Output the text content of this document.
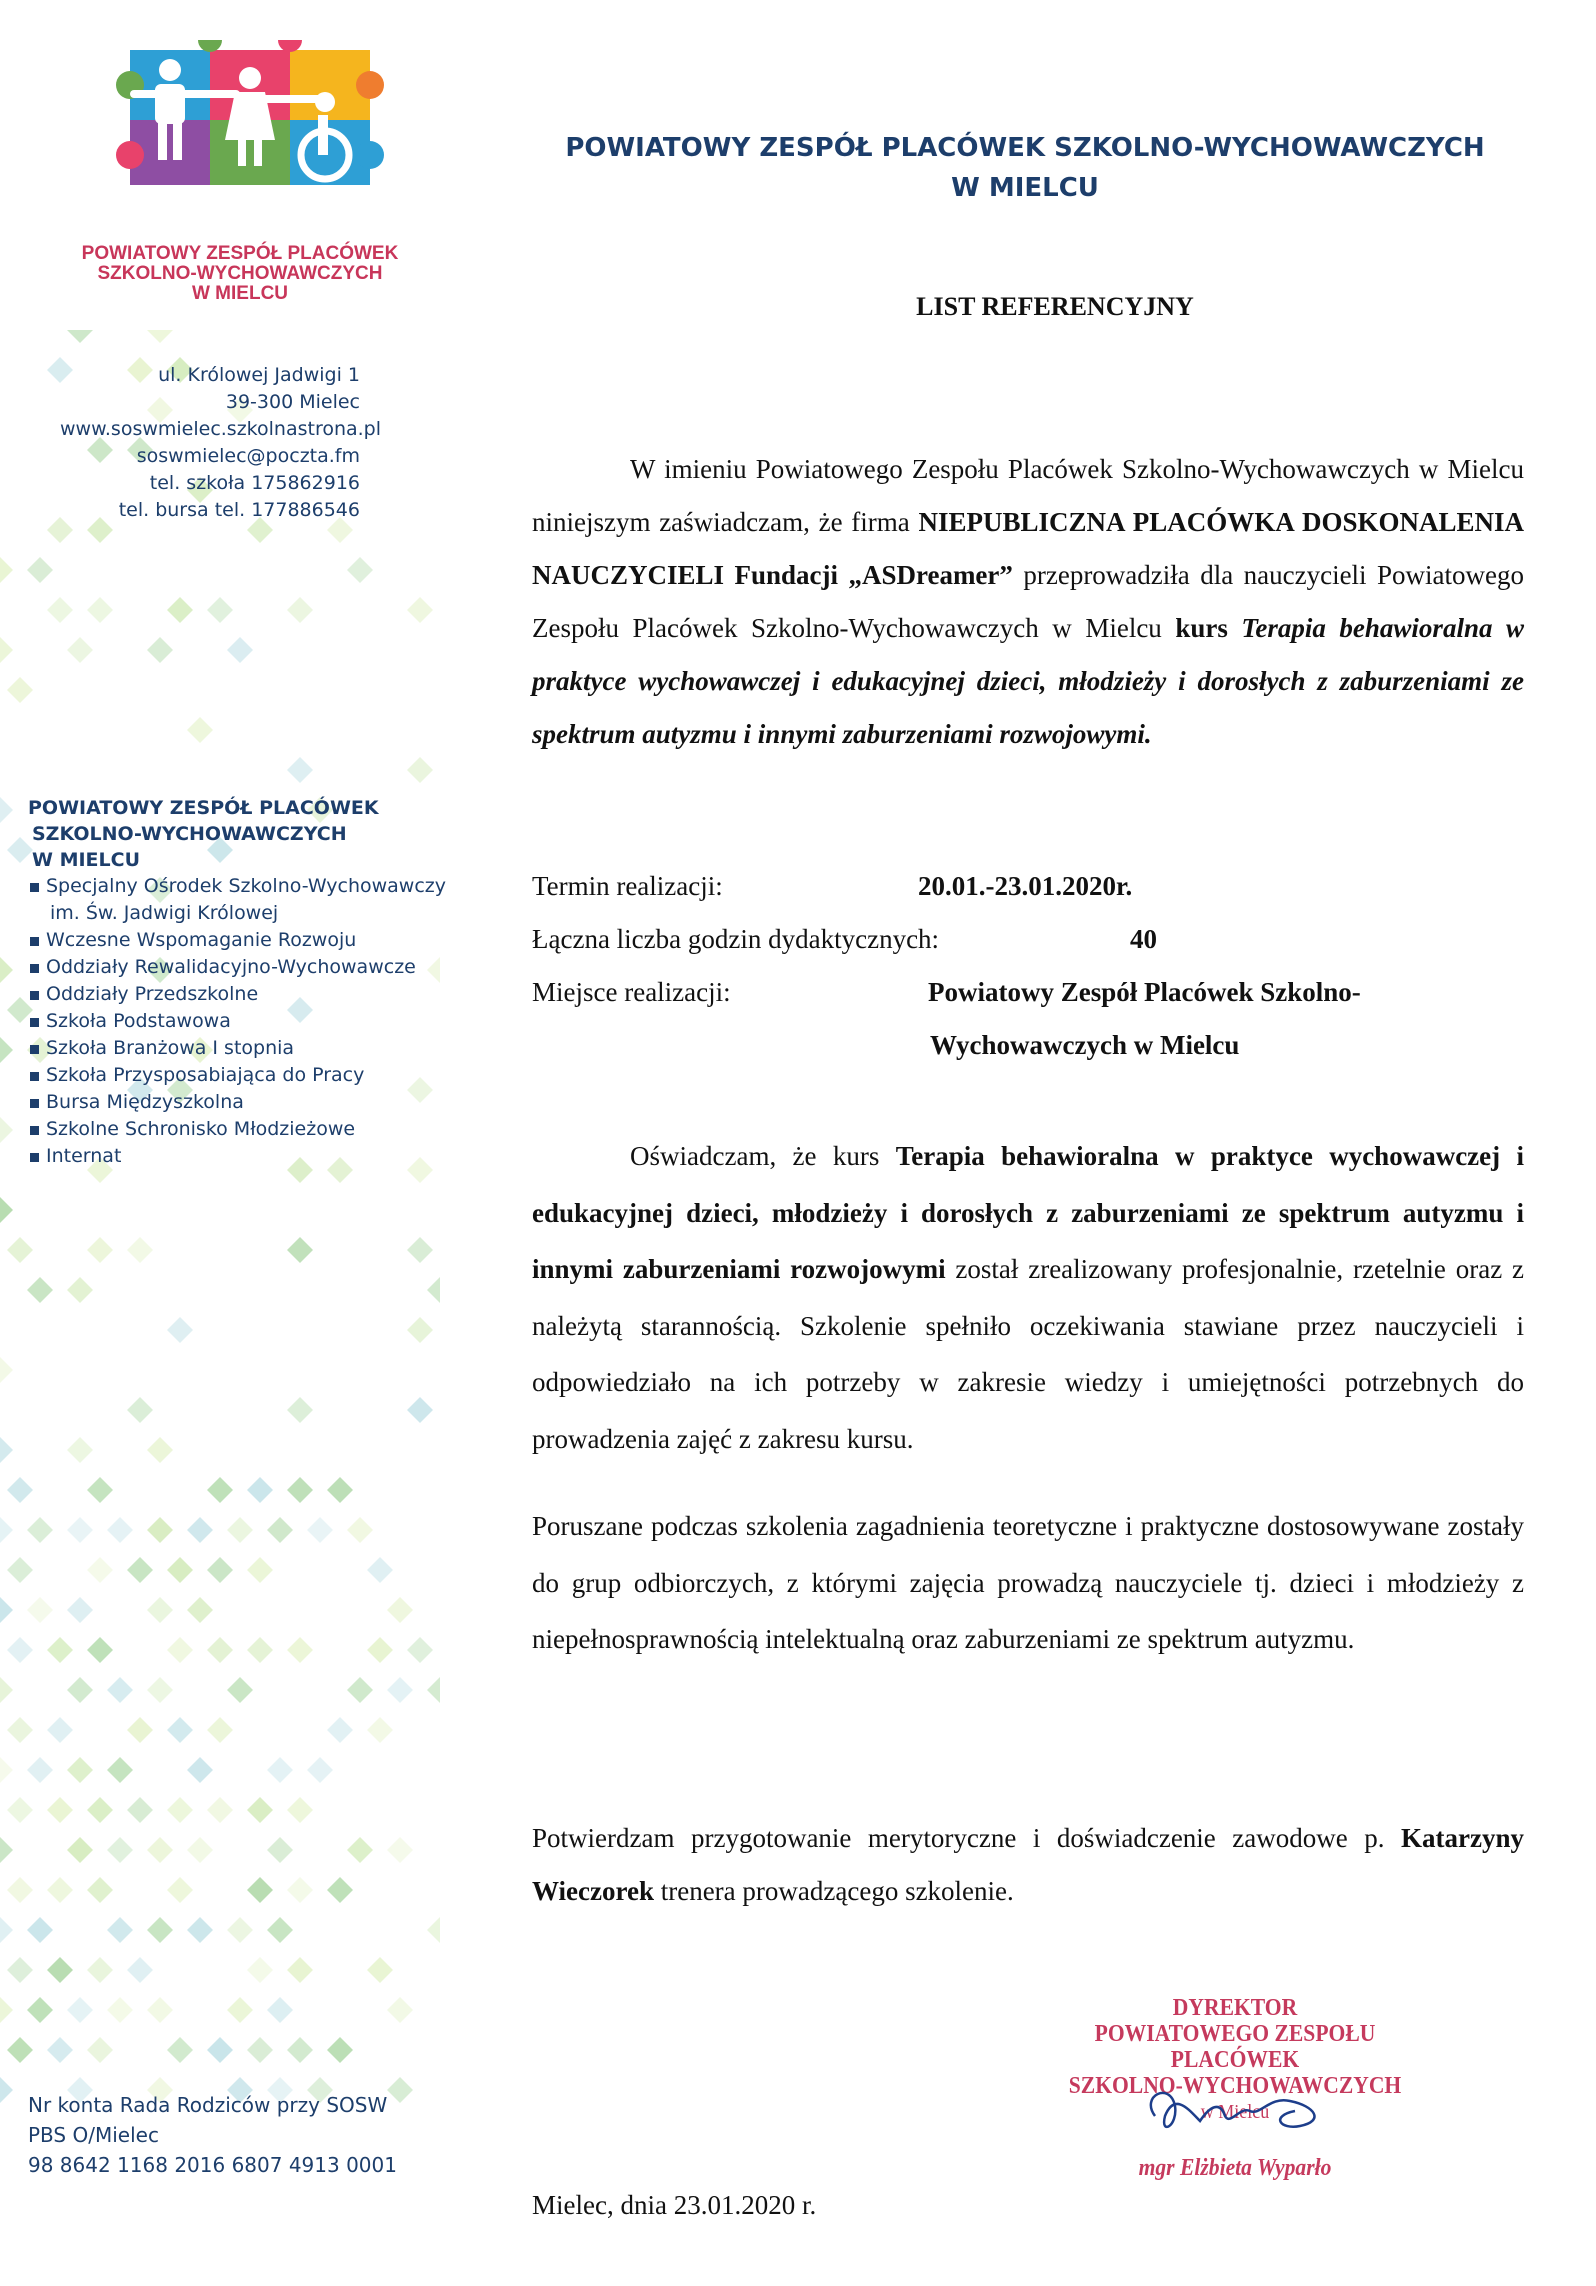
POWIATOWY ZESPÓŁ PLACÓWEK
SZKOLNO-WYCHOWAWCZYCH
W MIELCU
ul. Królowej Jadwigi 1
39-300 Mielec
www.soswmielec.szkolnastrona.pl
soswmielec@poczta.fm
tel. szkoła 175862916
tel. bursa tel. 177886546
POWIATOWY ZESPÓŁ PLACÓWEK
SZKOLNO-WYCHOWAWCZYCH
W MIELCU
Specjalny Ośrodek Szkolno-Wychowawczy
im. Św. Jadwigi Królowej
Wczesne Wspomaganie Rozwoju
Oddziały Rewalidacyjno-Wychowawcze
Oddziały Przedszkolne
Szkoła Podstawowa
Szkoła Branżowa I stopnia
Szkoła Przysposabiająca do Pracy
Bursa Międzyszkolna
Szkolne Schronisko Młodzieżowe
Internat
Nr konta Rada Rodziców przy SOSW
PBS O/Mielec
98 8642 1168 2016 6807 4913 0001
POWIATOWY ZESPÓŁ PLACÓWEK SZKOLNO-WYCHOWAWCZYCH
W MIELCU
LIST REFERENCYJNY
W imieniu Powiatowego Zespołu Placówek Szkolno-Wychowawczych w Mielcu niniejszym zaświadczam, że firma NIEPUBLICZNA PLACÓWKA DOSKONALENIA NAUCZYCIELI Fundacji „ASDreamer” przeprowadziła dla nauczycieli Powiatowego Zespołu Placówek Szkolno-Wychowawczych w Mielcu kurs Terapia behawioralna w praktyce wychowawczej i edukacyjnej dzieci, młodzieży i dorosłych z zaburzeniami ze spektrum autyzmu i innymi zaburzeniami rozwojowymi.
Termin realizacji:	20.01.-23.01.2020r.
Łączna liczba godzin dydaktycznych:	40
Miejsce realizacji:	Powiatowy Zespół Placówek Szkolno-
Wychowawczych w Mielcu
Oświadczam, że kurs Terapia behawioralna w praktyce wychowawczej i edukacyjnej dzieci, młodzieży i dorosłych z zaburzeniami ze spektrum autyzmu i innymi zaburzeniami rozwojowymi został zrealizowany profesjonalnie, rzetelnie oraz z należytą starannością. Szkolenie spełniło oczekiwania stawiane przez nauczycieli i odpowiedziało na ich potrzeby w zakresie wiedzy i umiejętności potrzebnych do prowadzenia zajęć z zakresu kursu.
Poruszane podczas szkolenia zagadnienia teoretyczne i praktyczne dostosowywane zostały do grup odbiorczych, z którymi zajęcia prowadzą nauczyciele tj. dzieci i młodzieży z niepełnosprawnością intelektualną oraz zaburzeniami ze spektrum autyzmu.
Potwierdzam przygotowanie merytoryczne i doświadczenie zawodowe p. Katarzyny Wieczorek trenera prowadzącego szkolenie.
DYREKTOR
POWIATOWEGO ZESPOŁU PLACÓWEK
SZKOLNO-WYCHOWAWCZYCH
w Mielcu
mgr Elżbieta Wyparło
Mielec, dnia 23.01.2020 r.
